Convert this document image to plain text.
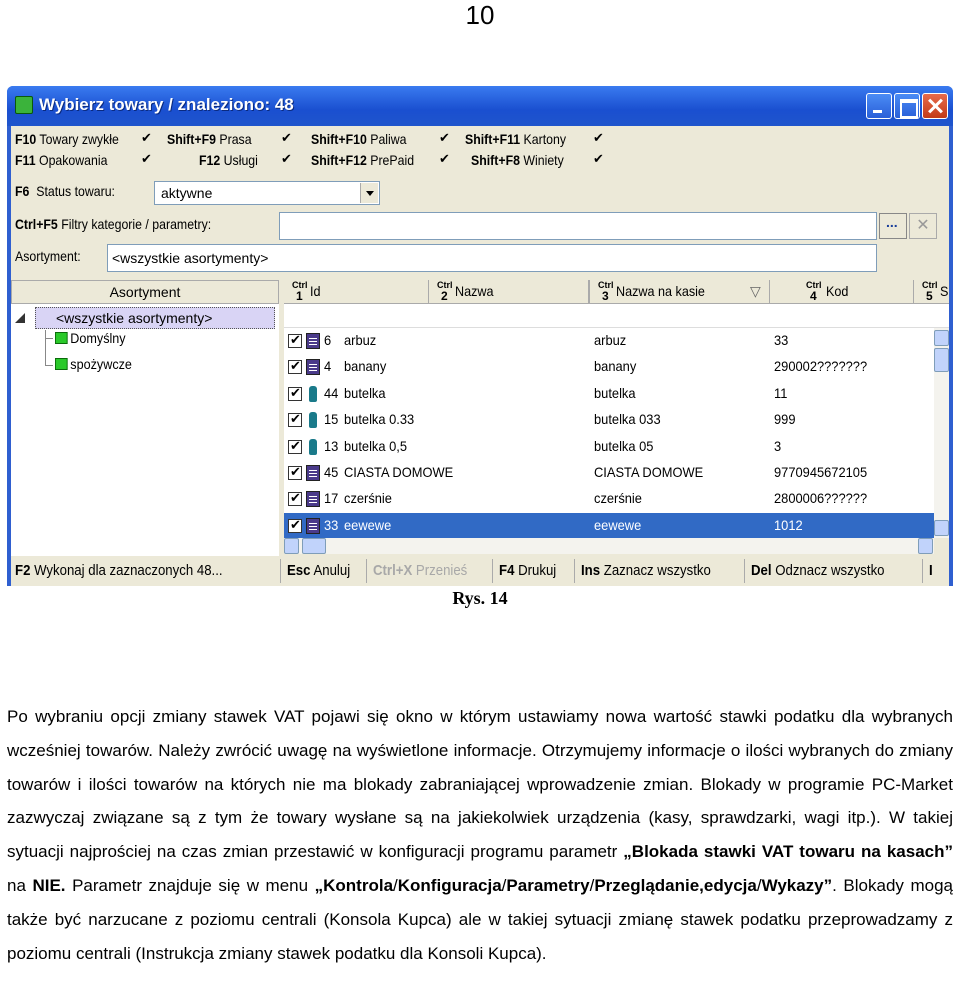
10
Wybierz towary / znaleziono: 48
F10 Towary zwykłe ✔	Shift+F9 Prasa ✔	Shift+F10 Paliwa ✔	Shift+F11 Kartony
✔
F11 Opakowania ✔	F12 Usługi ✔	Shift+F12 PrePaid ✔	Shift+F8 Winiety
✔
F6 Status towaru:	aktywne
Ctrl+F5 Filtry kategorie / parametry: ...	✕
Asortyment: <wszystkie asortymenty>
Asortyment
<wszystkie asortymenty>
Domyślny
spożywcze
Ctrl
1 Id	Ctrl
2 Nazwa	Ctrl
3 Nazwa na kasie	▽	Ctrl
4 Kod	Ctrl
5 S
✔
6 arbuz	arbuz	33
✔
4 banany	banany	290002???????
✔
44 butelka	butelka	11
✔
15 butelka 0.33	butelka 033	999
✔
13 butelka 0,5	butelka 05	3
✔
45 CIASTA DOMOWE	CIASTA DOMOWE	9770945672105
✔
17 czerśnie	czerśnie	2800006??????
✔
33 eewewe	eewewe	1012
F2 Wykonaj dla zaznaczonych 48...	Esc Anuluj	Ctrl+X Przenieś	F4 Drukuj	Ins Zaznacz wszystko	Del Odznacz wszystko	I
Rys. 14
Po wybraniu opcji zmiany stawek VAT pojawi się okno w którym ustawiamy nowa wartość stawki podatku dla wybranych wcześniej towarów. Należy zwrócić uwagę na wyświetlone informacje. Otrzymujemy informacje o ilości wybranych do zmiany towarów i ilości towarów na których nie ma blokady zabraniającej wprowadzenie zmian. Blokady w programie PC-Market zazwyczaj związane są z tym że towary wysłane są na jakiekolwiek urządzenia (kasy, sprawdzarki, wagi itp.). W takiej sytuacji najprościej na czas zmian przestawić w konfiguracji programu parametr „Blokada stawki VAT towaru na kasach” na NIE. Parametr znajduje się w menu „Kontrola/Konfiguracja/Parametry/Przeglądanie,edycja/Wykazy”. Blokady mogą także być narzucane z poziomu centrali (Konsola Kupca) ale w takiej sytuacji zmianę stawek podatku przeprowadzamy z poziomu centrali (Instrukcja zmiany stawek podatku dla Konsoli Kupca).
